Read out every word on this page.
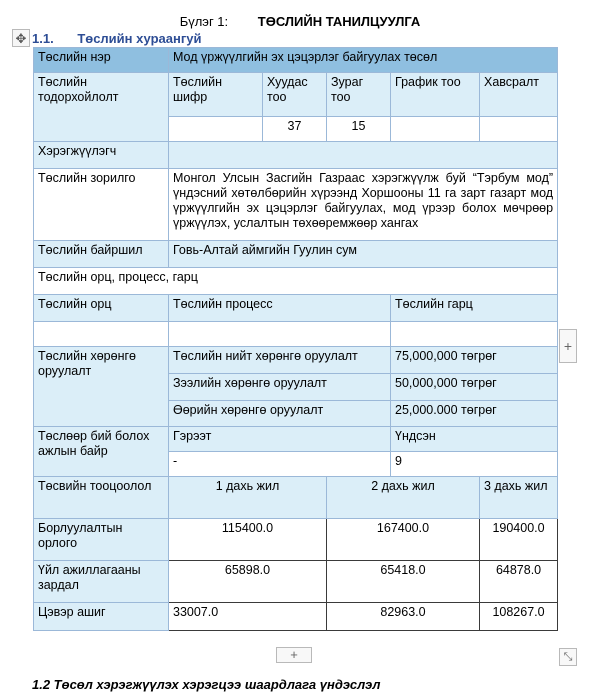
Бүлэг 1: ТӨСЛИЙН ТАНИЛЦУУЛГА
✥ 1.1. Төслийн хураангуй
Төслийн нэр	Мод үржүүлгийн эх цэцэрлэг байгуулах төсөл				
Төслийн тодорхойлолт	Төслийн шифр	Хуудас тоо	Зураг тоо	График тоо	Хавсралт
		37	15		
Хэрэгжүүлэгч					
Төслийн зорилго	Монгол Улсын Засгийн Газраас хэрэгжүүлж буй “Тэрбум мод” үндэсний хөтөлбөрийн хүрээнд Хоршооны 11 га зарт газарт мод үржүүлгийн эх цэцэрлэг байгуулах, мод үрээр болох мөчрөөр үржүүлэх, услалтын төхөөремжөөр хангах				
Төслийн байршил	Говь-Алтай аймгийн Гуулин сум				
Төслийн орц, процесс, гарц					
Төслийн орц	Төслийн процесс			Төслийн гарц	

Төслийн хөрөнгө оруулалт	Төслийн нийт хөрөнгө оруулалт			75,000,000 төгрөг	
	Зээлийн хөрөнгө оруулалт			50,000,000 төгрөг	
	Өөрийн хөрөнгө оруулалт			25,000.000 төгрөг	
Төслөөр бий болох ажлын байр	Гэрээт			Үндсэн	
	-			9	
Төсвийн тооцоолол	1 дахь жил		2 дахь жил		3 дахь жил
Борлуулалтын орлого	115400.0		167400.0		190400.0
Үйл ажиллагааны зардал	65898.0		65418.0		64878.0
Цэвэр ашиг	33007.0		82963.0		108267.0
+
+	⤡
1.2 Төсөл хэрэгжүүлэх хэрэгцээ шаардлага үндэслэл
